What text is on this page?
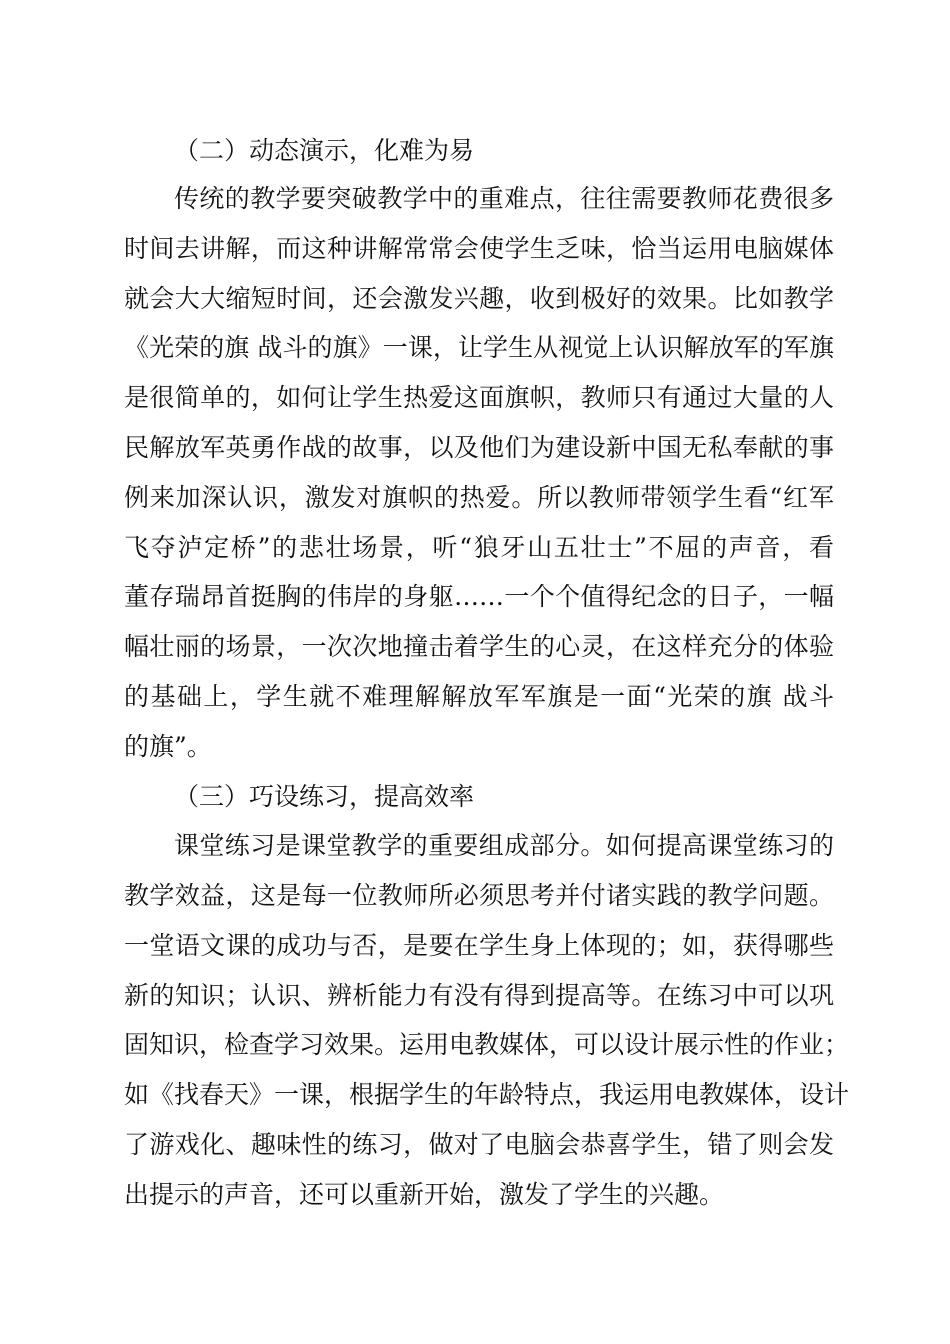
（二）动态演示，化难为易
传统的教学要突破教学中的重难点，往往需要教师花费很多
时间去讲解，而这种讲解常常会使学生乏味，恰当运用电脑媒体
就会大大缩短时间，还会激发兴趣，收到极好的效果。比如教学
《光荣的旗 战斗的旗》一课，让学生从视觉上认识解放军的军旗
是很简单的，如何让学生热爱这面旗帜，教师只有通过大量的人
民解放军英勇作战的故事，以及他们为建设新中国无私奉献的事
例来加深认识，激发对旗帜的热爱。所以教师带领学生看“红军
飞夺泸定桥”的悲壮场景，听“狼牙山五壮士”不屈的声音，看
董存瑞昂首挺胸的伟岸的身躯……一个个值得纪念的日子，一幅
幅壮丽的场景，一次次地撞击着学生的心灵，在这样充分的体验
的基础上，学生就不难理解解放军军旗是一面“光荣的旗 战斗
的旗”。
（三）巧设练习，提高效率
课堂练习是课堂教学的重要组成部分。如何提高课堂练习的
教学效益，这是每一位教师所必须思考并付诸实践的教学问题。
一堂语文课的成功与否，是要在学生身上体现的；如，获得哪些
新的知识；认识、辨析能力有没有得到提高等。在练习中可以巩
固知识，检查学习效果。运用电教媒体，可以设计展示性的作业；
如《找春天》一课，根据学生的年龄特点，我运用电教媒体，设计
了游戏化、趣味性的练习，做对了电脑会恭喜学生，错了则会发
出提示的声音，还可以重新开始，激发了学生的兴趣。
